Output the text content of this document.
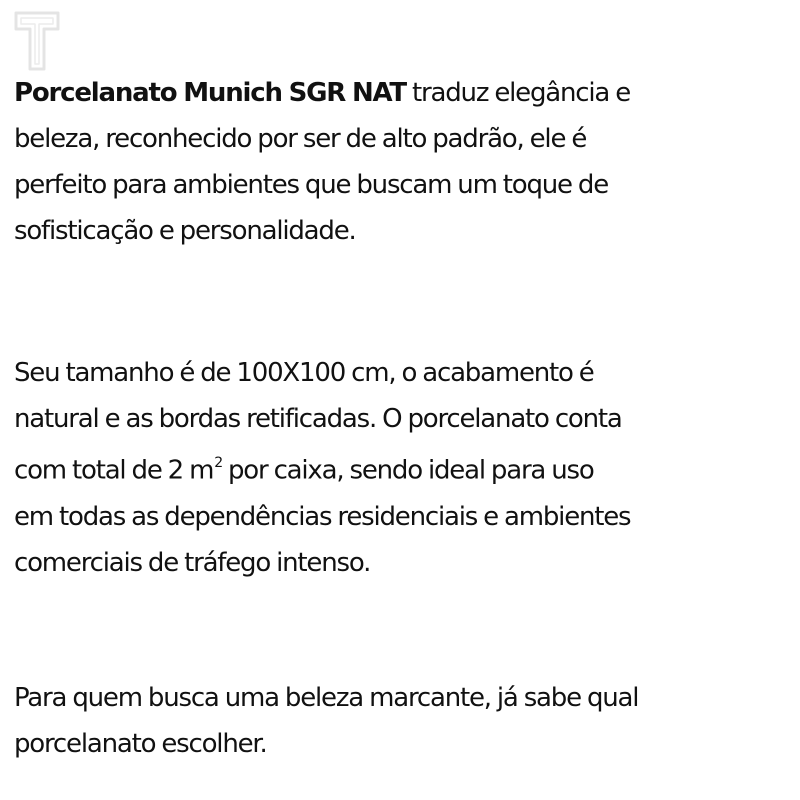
Porcelanato Munich SGR NAT traduz elegância e
beleza, reconhecido por ser de alto padrão, ele é
perfeito para ambientes que buscam um toque de
sofisticação e personalidade.

Seu tamanho é de 100X100 cm, o acabamento é
natural e as bordas retificadas. O porcelanato conta
com total de 2 $m^2$ por caixa, sendo ideal para uso
em todas as dependências residenciais e ambientes
comerciais de tráfego intenso.

Para quem busca uma beleza marcante, já sabe qual
porcelanato escolher.
